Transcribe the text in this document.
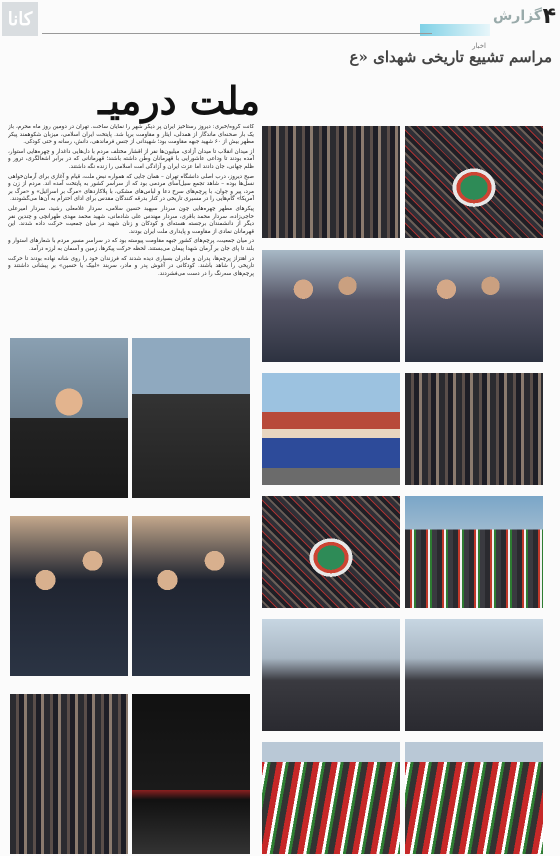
کانا	گزارش ۴
اخبار
مراسم تشییع تاریخی شهدای «ع
ملت درمیـ

کانت گروه/خبری: دیروز رستاخیز ایران پر دیگر شهر را نمایان ساخت. تهران در دومین روز ماه محرم، باز یک بار صحنه‌ای ماندگار از همدلی، ایثار و مقاومت برپا شد. پایتخت ایران اسلامی، میزبان شکوهمند پیکر مطهر بیش از ۶۰ شهید جبهه مقاومت بود؛ شهیدانی از جنس فرماندهی، دانش، رسانه و حتی کودکی.

از میدان انقلاب تا میدان آزادی، میلیون‌ها نفر از اقشار مختلف مردم با دل‌هایی داغدار و چهره‌هایی استوار، آمده بودند تا وداعی عاشورایی با قهرمانان وطن داشته باشند؛ قهرمانانی که در برابر اشغالگری، ترور و ظلم جهانی، جان دادند اما عزت ایران و آزادگی امت اسلامی را زنده نگه داشتند.

صبح دیروز، درب اصلی دانشگاه تهران – همان جایی که همواره نبض ملت، قیام و آغازی برای آرمان‌خواهی نسل‌ها بوده – شاهد تجمع سیل‌آسای مردمی بود که از سراسر کشور به پایتخت آمده اند. مردم از زن و مرد، پیر و جوان، با پرچم‌های سرخ دعا و لباس‌های مشکی، با پلاکاردهای «مرگ بر اسرائیل» و «مرگ بر آمریکا» گام‌هایی را در مسیری تاریخی در کنار بدرقه کنندگان مقدس برای ادای احترام به آن‌ها می‌گشودند.

پیکرهای مطهر چهره‌هایی چون سردار سپهبد حسین سلامی، سردار غلامعلی رشید، سردار امیرعلی حاجی‌زاده، سردار محمد باقری، سردار مهندس علی شادمانی، شهید محمد مهدی طهرانچی و چندین نفر دیگر از دانشمندان برجسته هسته‌ای و کودکان و زنان شهید در میان جمعیت حرکت داده شدند. این قهرمانان نمادی از مقاومت و پایداری ملت ایران بودند.

در میان جمعیت، پرچم‌های کشور جبهه مقاومت پیوسته بود که در سراسر مسیر مردم با شعارهای استوار و بلند تا پای جان بر آرمان شهدا پیمان می‌بستند. لحظه حرکت پیکرها، زمین و آسمان به لرزه درآمد.

در اهتزاز پرچم‌ها، پدران و مادران بسیاری دیده شدند که فرزندان خود را روی شانه نهاده بودند تا حرکت تاریخی را شاهد باشند. کودکانی در آغوش پدر و مادر، سربند «لبیک یا حسین» بر پیشانی داشتند و پرچم‌های سه‌رنگ را در دست می‌فشردند.
